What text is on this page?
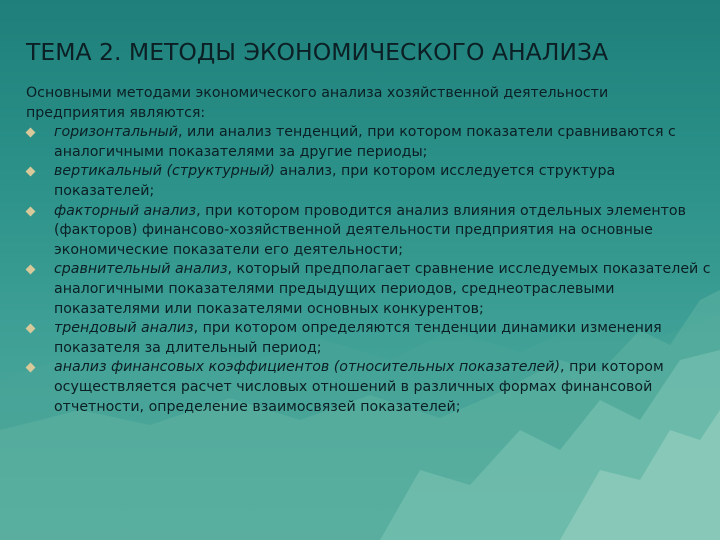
ТЕМА 2. МЕТОДЫ ЭКОНОМИЧЕСКОГО АНАЛИЗА

Основными методами экономического анализа хозяйственной деятельности предприятия являются:

горизонтальный, или анализ тенденций, при котором показатели сравниваются с аналогичными показателями за другие периоды;
вертикальный (структурный) анализ, при котором исследуется структура показателей;
факторный анализ, при котором проводится анализ влияния отдельных элементов (факторов) финансово-хозяйственной деятельности предприятия на основные экономические показатели его деятельности;
сравнительный анализ, который предполагает сравнение исследуемых показателей с аналогичными показателями предыдущих периодов, среднеотраслевыми показателями или показателями основных конкурентов;
трендовый анализ, при котором определяются тенденции динамики изменения показателя за длительный период;
анализ финансовых коэффициентов (относительных показателей), при котором осуществляется расчет числовых отношений в различных формах финансовой отчетности, определение взаимосвязей показателей;
